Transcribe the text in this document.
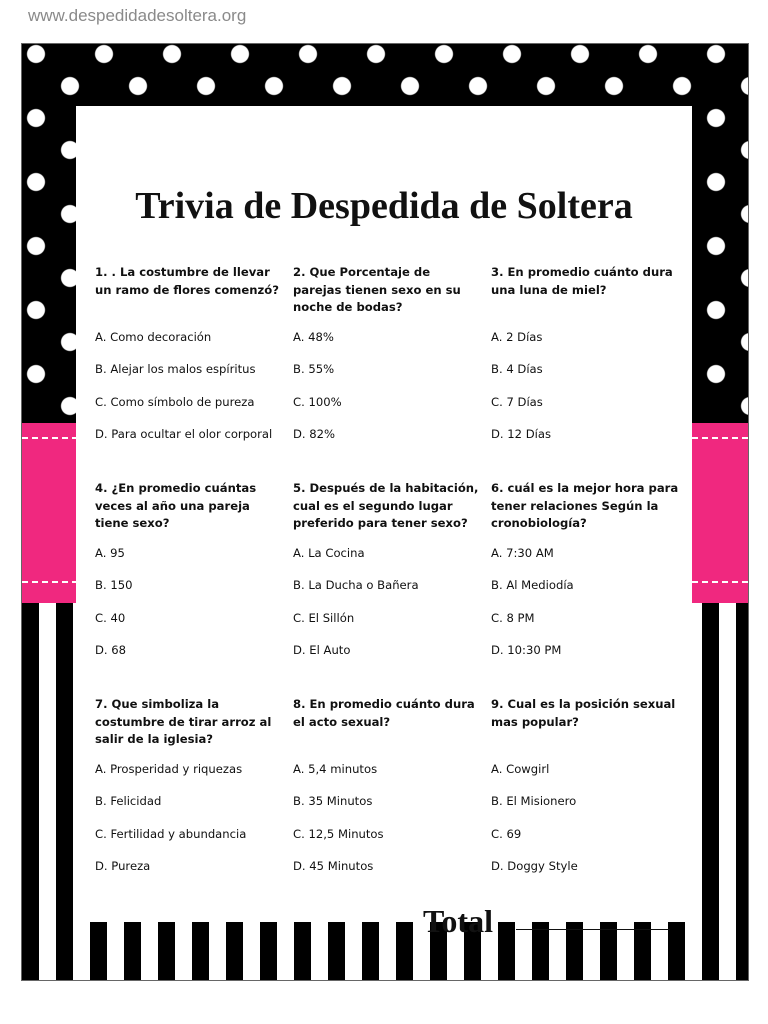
www.despedidadesoltera.org
Trivia de Despedida de Soltera
1. . La costumbre de llevar un ramo de flores comenzó?
A. Como decoración
B. Alejar los malos espíritus
C. Como símbolo de pureza
D. Para ocultar el olor corporal
2. Que Porcentaje de parejas tienen sexo en su noche de bodas?
A. 48%
B. 55%
C. 100%
D. 82%
3. En promedio cuánto dura una luna de miel?
A. 2 Días
B. 4 Días
C. 7 Días
D. 12 Días
4. ¿En promedio cuántas veces al año una pareja tiene sexo?
A. 95
B. 150
C. 40
D. 68
5. Después de la habitación, cual es el segundo lugar preferido para tener sexo?
A. La Cocina
B. La Ducha o Bañera
C. El Sillón
D. El Auto
6. cuál es la mejor hora para tener relaciones Según la cronobiología?
A. 7:30 AM
B. Al Mediodía
C. 8 PM
D. 10:30 PM
7. Que simboliza la costumbre de tirar arroz al salir de la iglesia?
A. Prosperidad y riquezas
B. Felicidad
C. Fertilidad y abundancia
D. Pureza
8. En promedio cuánto dura el acto sexual?
A. 5,4 minutos
B. 35 Minutos
C. 12,5 Minutos
D. 45 Minutos
9. Cual es la posición sexual mas popular?
A. Cowgirl
B. El Misionero
C. 69
D. Doggy Style
Total
